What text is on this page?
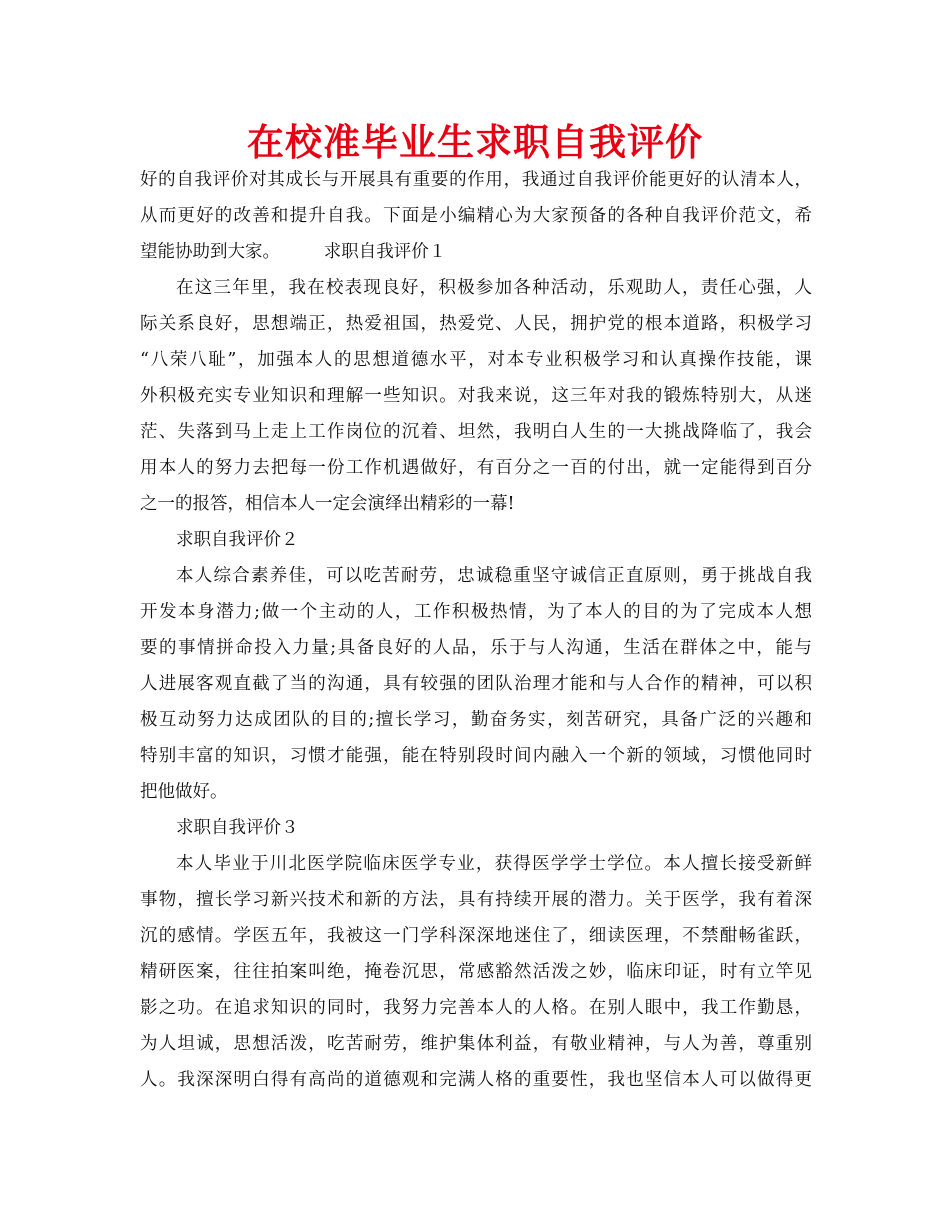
在校准毕业生求职自我评价
好的自我评价对其成长与开展具有重要的作用，我通过自我评价能更好的认清本人，
从而更好的改善和提升自我。下面是小编精心为大家预备的各种自我评价范文，希
望能协助到大家。　　　求职自我评价１
在这三年里，我在校表现良好，积极参加各种活动，乐观助人，责任心强，人
际关系良好，思想端正，热爱祖国，热爱党、人民，拥护党的根本道路，积极学习
“八荣八耻”，加强本人的思想道德水平，对本专业积极学习和认真操作技能，课
外积极充实专业知识和理解一些知识。对我来说，这三年对我的锻炼特别大，从迷
茫、失落到马上走上工作岗位的沉着、坦然，我明白人生的一大挑战降临了，我会
用本人的努力去把每一份工作机遇做好，有百分之一百的付出，就一定能得到百分
之一的报答，相信本人一定会演绎出精彩的一幕!
求职自我评价２
本人综合素养佳，可以吃苦耐劳，忠诚稳重坚守诚信正直原则，勇于挑战自我
开发本身潜力;做一个主动的人，工作积极热情，为了本人的目的为了完成本人想
要的事情拼命投入力量;具备良好的人品，乐于与人沟通，生活在群体之中，能与
人进展客观直截了当的沟通，具有较强的团队治理才能和与人合作的精神，可以积
极互动努力达成团队的目的;擅长学习，勤奋务实，刻苦研究，具备广泛的兴趣和
特别丰富的知识，习惯才能强，能在特别段时间内融入一个新的领域，习惯他同时
把他做好。
求职自我评价３
本人毕业于川北医学院临床医学专业，获得医学学士学位。本人擅长接受新鲜
事物，擅长学习新兴技术和新的方法，具有持续开展的潜力。关于医学，我有着深
沉的感情。学医五年，我被这一门学科深深地迷住了，细读医理，不禁酣畅雀跃，
精研医案，往往拍案叫绝，掩卷沉思，常感豁然活泼之妙，临床印证，时有立竿见
影之功。在追求知识的同时，我努力完善本人的人格。在别人眼中，我工作勤恳，
为人坦诚，思想活泼，吃苦耐劳，维护集体利益，有敬业精神，与人为善，尊重别
人。我深深明白得有高尚的道德观和完满人格的重要性，我也坚信本人可以做得更
